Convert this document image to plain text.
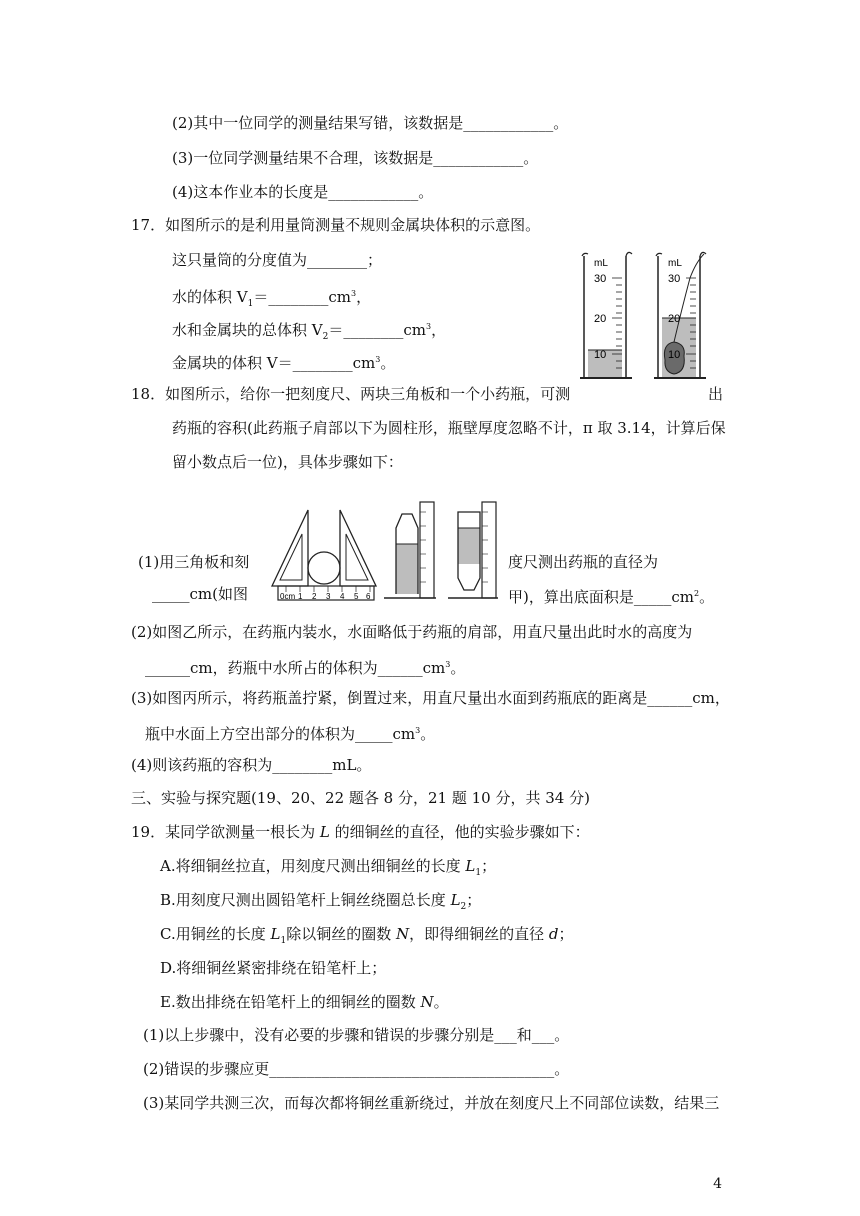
(2)其中一位同学的测量结果写错，该数据是____________。
(3)一位同学测量结果不合理，该数据是____________。
(4)这本作业本的长度是____________。
17．如图所示的是利用量筒测量不规则金属块体积的示意图。
这只量筒的分度值为________；
水的体积 $V_1=\_\_\_\_\_\_\_\_cm^3$，
水和金属块的总体积 $V_2=\_\_\_\_\_\_\_\_cm^3$，
金属块的体积 $V=\_\_\_\_\_\_\_\_cm^3$。
mL
30
20
10
mL
30
20
10
18．如图所示，给你一把刻度尺、两块三角板和一个小药瓶，可测	出
药瓶的容积(此药瓶子肩部以下为圆柱形，瓶壁厚度忽略不计，π 取 3.14，计算后保
留小数点后一位)，具体步骤如下：
(1)用三角板和刻	度尺测出药瓶的直径为
_____cm(如图	甲)，算出底面积是$\_\_\_\_\_cm^2$。
0cm 1 2 3 4 5 6
(2)如图乙所示，在药瓶内装水，水面略低于药瓶的肩部，用直尺量出此时水的高度为
______cm，药瓶中水所占的体积为$\_\_\_\_\_\_cm^3$。
(3)如图丙所示，将药瓶盖拧紧，倒置过来，用直尺量出水面到药瓶底的距离是______cm，
瓶中水面上方空出部分的体积为$\_\_\_\_\_cm^3$。
(4)则该药瓶的容积为________mL。
三、实验与探究题(19、20、22 题各 8 分，21 题 10 分，共 34 分)
19．某同学欲测量一根长为 L 的细铜丝的直径，他的实验步骤如下：
A.将细铜丝拉直，用刻度尺测出细铜丝的长度 $L_1$；
B.用刻度尺测出圆铅笔杆上铜丝绕圈总长度 $L_2$；
C.用铜丝的长度 $L_1$除以铜丝的圈数 N，即得细铜丝的直径 d；
D.将细铜丝紧密排绕在铅笔杆上；
E.数出排绕在铅笔杆上的细铜丝的圈数 N。
(1)以上步骤中，没有必要的步骤和错误的步骤分别是___和___。
(2)错误的步骤应更______________________________________。
(3)某同学共测三次，而每次都将铜丝重新绕过，并放在刻度尺上不同部位读数，结果三
4
